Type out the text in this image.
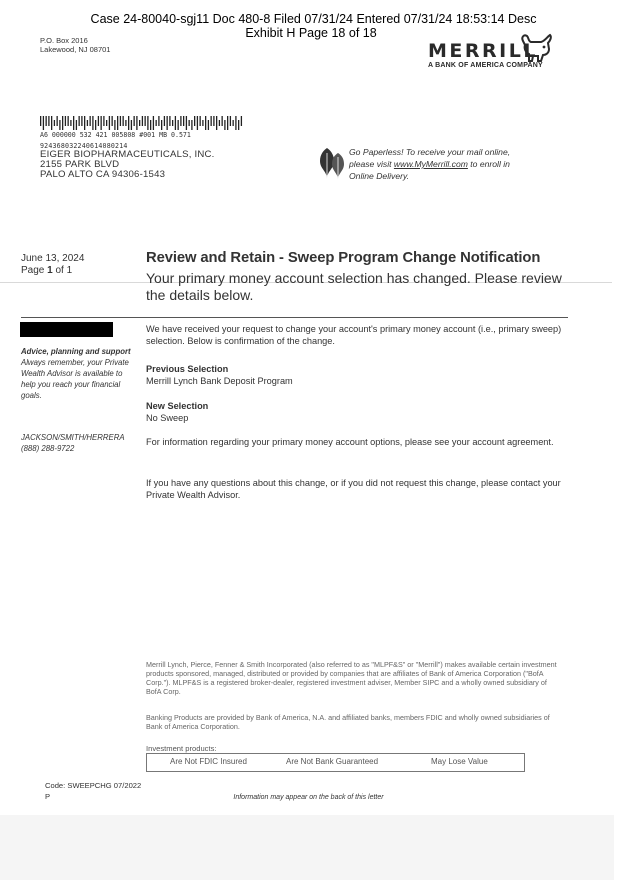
Case 24-80040-sgj11 Doc 480-8 Filed 07/31/24 Entered 07/31/24 18:53:14 Desc
Exhibit H Page 18 of 18
P.O. Box 2016
Lakewood, NJ 08701	MERRILL
A BANK OF AMERICA COMPANY
A6 000000 532 421 005808 #001 MB 0.571
924368032240614080214
EIGER BIOPHARMACEUTICALS, INC.
2155 PARK BLVD
PALO ALTO CA 94306-1543
Go Paperless! To receive your mail online,
please visit www.MyMerrill.com to enroll in
Online Delivery.
June 13, 2024
Page 1 of 1
Review and Retain - Sweep Program Change Notification
Your primary money account selection has changed. Please review the details below.
Advice, planning and support
Always remember, your Private Wealth Advisor is available to help you reach your financial goals.
JACKSON/SMITH/HERRERA
(888) 288-9722
We have received your request to change your account's primary money account (i.e., primary sweep) selection. Below is confirmation of the change.
Previous Selection
Merrill Lynch Bank Deposit Program
New Selection
No Sweep
For information regarding your primary money account options, please see your account agreement.
If you have any questions about this change, or if you did not request this change, please contact your Private Wealth Advisor.
Merrill Lynch, Pierce, Fenner & Smith Incorporated (also referred to as "MLPF&S" or "Merrill") makes available certain investment products sponsored, managed, distributed or provided by companies that are affiliates of Bank of America Corporation ("BofA Corp."). MLPF&S is a registered broker-dealer, registered investment adviser, Member SIPC and a wholly owned subsidiary of BofA Corp.
Banking Products are provided by Bank of America, N.A. and affiliated banks, members FDIC and wholly owned subsidiaries of Bank of America Corporation.
Investment products:
Are Not FDIC Insured	Are Not Bank Guaranteed	May Lose Value
Code: SWEEPCHG 07/2022
P	Information may appear on the back of this letter
